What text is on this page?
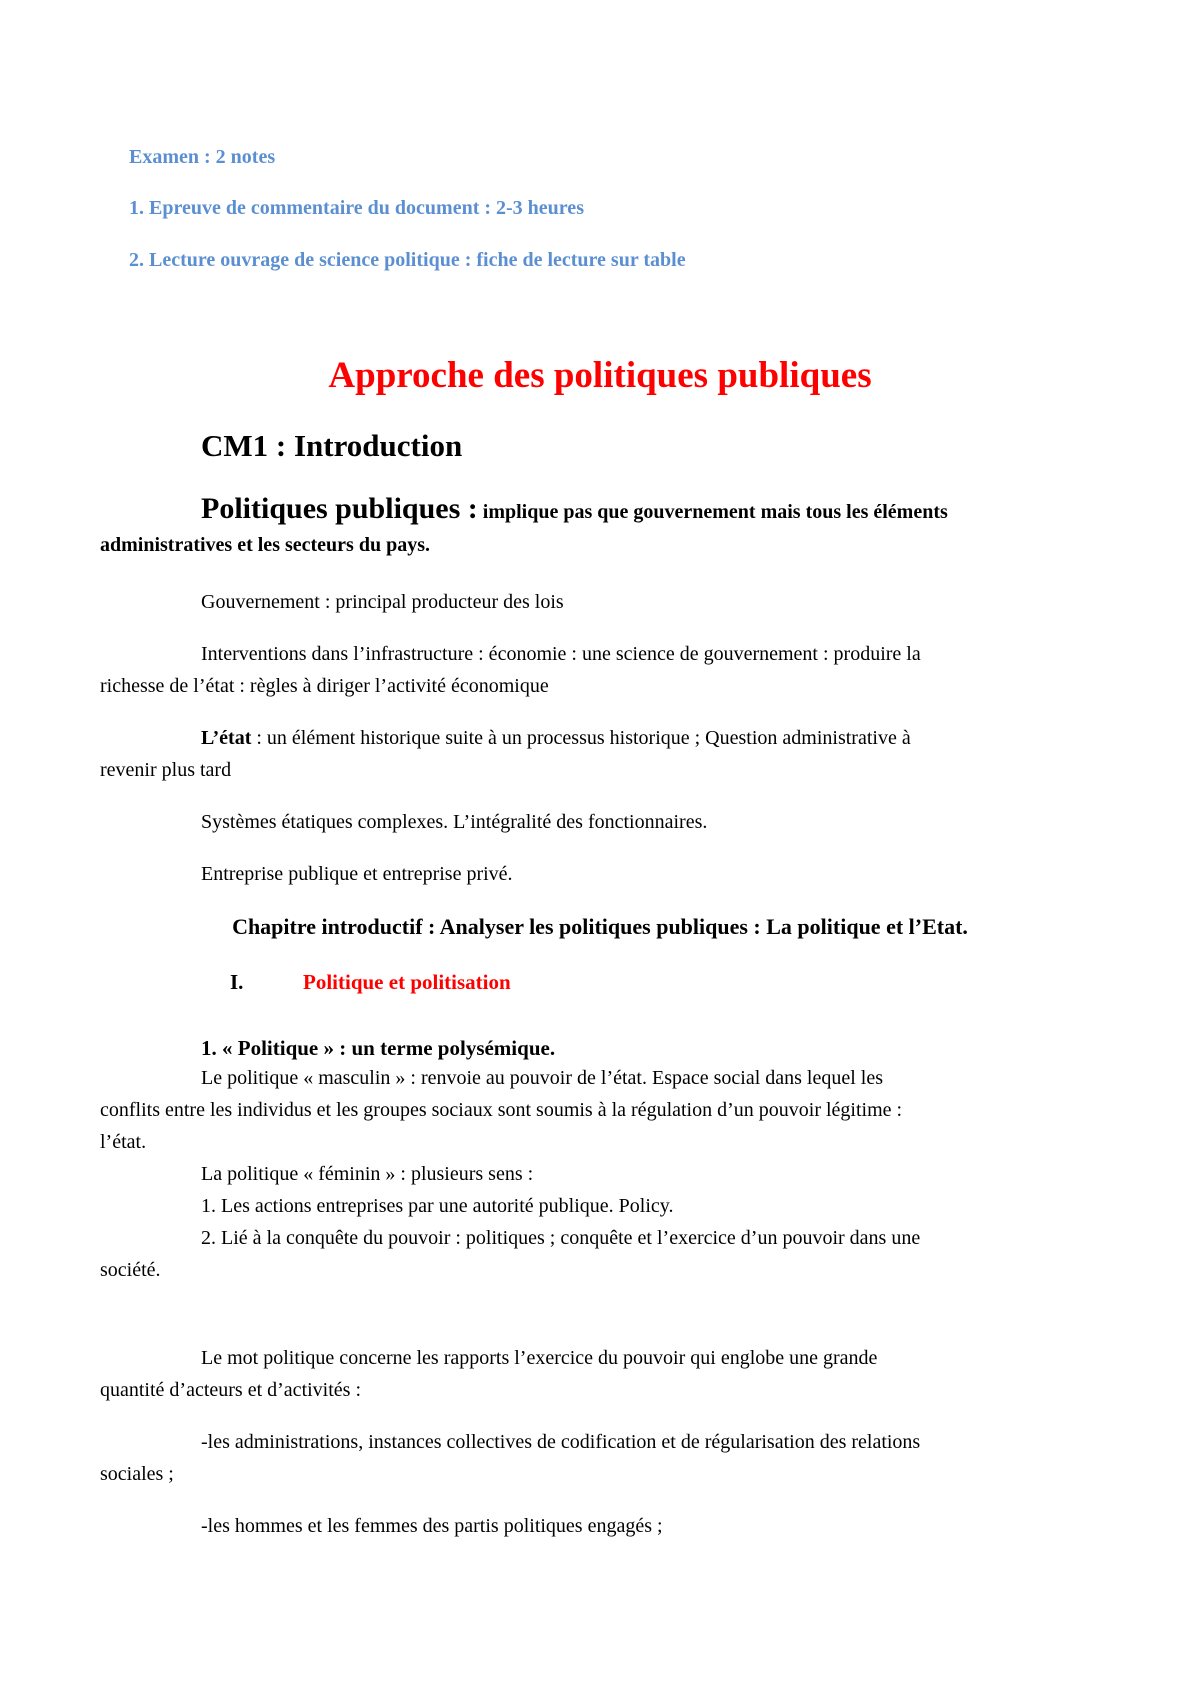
Examen : 2 notes

1. Epreuve de commentaire du document : 2-3 heures

2. Lecture ouvrage de science politique : fiche de lecture sur table

Approche des politiques publiques
CM1 : Introduction

Politiques publiques : implique pas que gouvernement mais tous les éléments

administratives et les secteurs du pays.

Gouvernement : principal producteur des lois

Interventions dans l’infrastructure : économie : une science de gouvernement : produire la

richesse de l’état : règles à diriger l’activité économique

L’état : un élément historique suite à un processus historique ; Question administrative à

revenir plus tard

Systèmes étatiques complexes. L’intégralité des fonctionnaires.

Entreprise publique et entreprise privé.

Chapitre introductif : Analyser les politiques publiques : La politique et l’Etat.
I.	Politique et politisation

1. « Politique » : un terme polysémique.

Le politique « masculin » : renvoie au pouvoir de l’état. Espace social dans lequel les

conflits entre les individus et les groupes sociaux sont soumis à la régulation d’un pouvoir légitime :

l’état.

La politique « féminin » : plusieurs sens :

1. Les actions entreprises par une autorité publique. Policy.

2. Lié à la conquête du pouvoir : politiques ; conquête et l’exercice d’un pouvoir dans une

société.

Le mot politique concerne les rapports l’exercice du pouvoir qui englobe une grande

quantité d’acteurs et d’activités :

-les administrations, instances collectives de codification et de régularisation des relations

sociales ;

-les hommes et les femmes des partis politiques engagés ;
